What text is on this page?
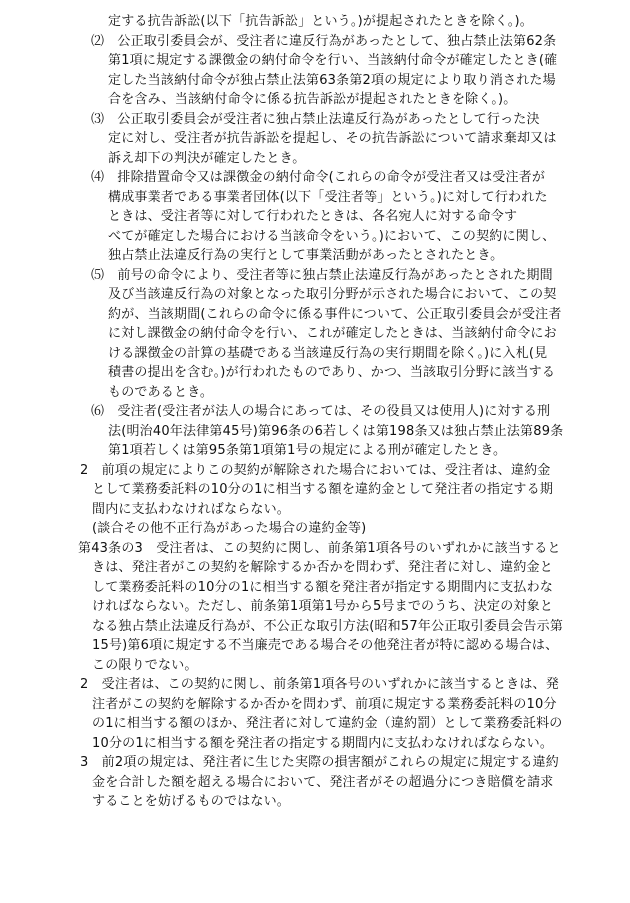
定する抗告訴訟(以下「抗告訴訟」という。)が提起されたときを除く。)。
⑵　公正取引委員会が、受注者に違反行為があったとして、独占禁止法第62条
第1項に規定する課徴金の納付命令を行い、当該納付命令が確定したとき(確
定した当該納付命令が独占禁止法第63条第2項の規定により取り消された場
合を含み、当該納付命令に係る抗告訴訟が提起されたときを除く。)。
⑶　公正取引委員会が受注者に独占禁止法違反行為があったとして行った決
定に対し、受注者が抗告訴訟を提起し、その抗告訴訟について請求棄却又は
訴え却下の判決が確定したとき。
⑷　排除措置命令又は課徴金の納付命令(これらの命令が受注者又は受注者が
構成事業者である事業者団体(以下「受注者等」という。)に対して行われた
ときは、受注者等に対して行われたときは、各名宛人に対する命令す
べてが確定した場合における当該命令をいう。)において、この契約に関し、
独占禁止法違反行為の実行として事業活動があったとされたとき。
⑸　前号の命令により、受注者等に独占禁止法違反行為があったとされた期間
及び当該違反行為の対象となった取引分野が示された場合において、この契
約が、当該期間(これらの命令に係る事件について、公正取引委員会が受注者
に対し課徴金の納付命令を行い、これが確定したときは、当該納付命令にお
ける課徴金の計算の基礎である当該違反行為の実行期間を除く。)に入札(見
積書の提出を含む。)が行われたものであり、かつ、当該取引分野に該当する
ものであるとき。
⑹　受注者(受注者が法人の場合にあっては、その役員又は使用人)に対する刑
法(明治40年法律第45号)第96条の6若しくは第198条又は独占禁止法第89条
第1項若しくは第95条第1項第1号の規定による刑が確定したとき。
2　前項の規定によりこの契約が解除された場合においては、受注者は、違約金
として業務委託料の10分の1に相当する額を違約金として発注者の指定する期
間内に支払わなければならない。
(談合その他不正行為があった場合の違約金等)
第43条の3　受注者は、この契約に関し、前条第1項各号のいずれかに該当すると
きは、発注者がこの契約を解除するか否かを問わず、発注者に対し、違約金と
して業務委託料の10分の1に相当する額を発注者が指定する期間内に支払わな
ければならない。ただし、前条第1項第1号から5号までのうち、決定の対象と
なる独占禁止法違反行為が、不公正な取引方法(昭和57年公正取引委員会告示第
15号)第6項に規定する不当廉売である場合その他発注者が特に認める場合は、
この限りでない。
2　受注者は、この契約に関し、前条第1項各号のいずれかに該当するときは、発
注者がこの契約を解除するか否かを問わず、前項に規定する業務委託料の10分
の1に相当する額のほか、発注者に対して違約金（違約罰）として業務委託料の
10分の1に相当する額を発注者の指定する期間内に支払わなければならない。
3　前2項の規定は、発注者に生じた実際の損害額がこれらの規定に規定する違約
金を合計した額を超える場合において、発注者がその超過分につき賠償を請求
することを妨げるものではない。
